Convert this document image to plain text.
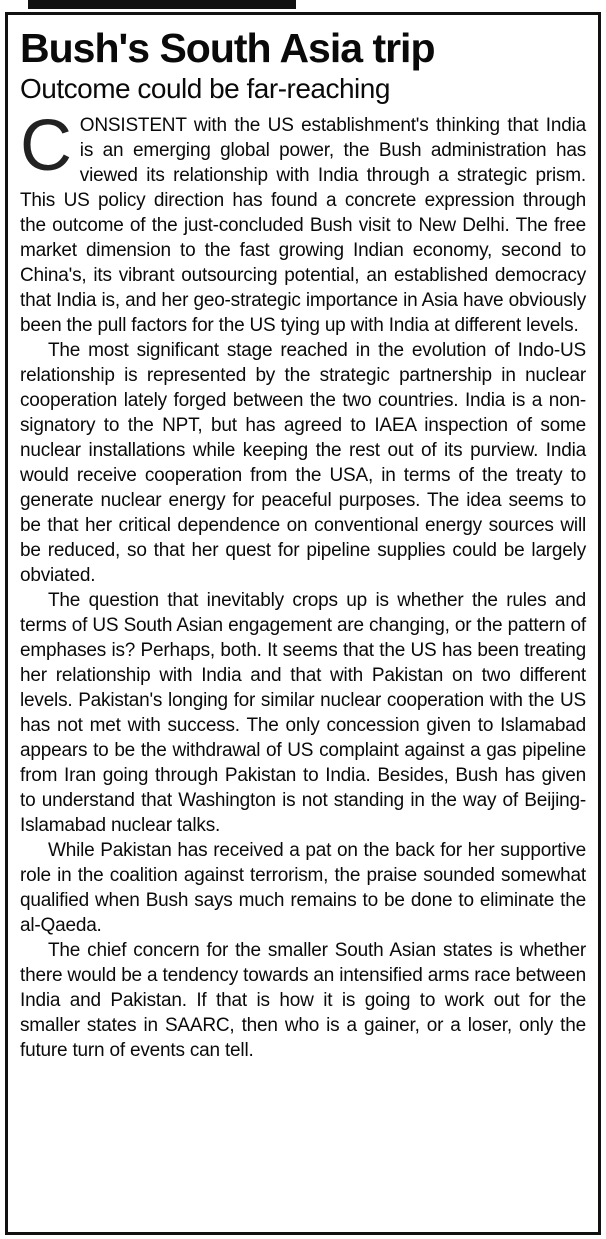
Bush's South Asia trip
Outcome could be far-reaching

CONSISTENT with the US establishment's thinking that India is an emerging global power, the Bush administration has viewed its relationship with India through a strategic prism. This US policy direction has found a concrete expression through the outcome of the just-concluded Bush visit to New Delhi. The free market dimension to the fast growing Indian economy, second to China's, its vibrant outsourcing potential, an established democracy that India is, and her geo-strategic importance in Asia have obviously been the pull factors for the US tying up with India at different levels.

The most significant stage reached in the evolution of Indo-US relationship is represented by the strategic partnership in nuclear cooperation lately forged between the two countries. India is a non-signatory to the NPT, but has agreed to IAEA inspection of some nuclear installations while keeping the rest out of its purview. India would receive cooperation from the USA, in terms of the treaty to generate nuclear energy for peaceful purposes. The idea seems to be that her critical dependence on conventional energy sources will be reduced, so that her quest for pipeline supplies could be largely obviated.

The question that inevitably crops up is whether the rules and terms of US South Asian engagement are changing, or the pattern of emphases is? Perhaps, both. It seems that the US has been treating her relationship with India and that with Pakistan on two different levels. Pakistan's longing for similar nuclear cooperation with the US has not met with success. The only concession given to Islamabad appears to be the withdrawal of US complaint against a gas pipeline from Iran going through Pakistan to India. Besides, Bush has given to understand that Washington is not standing in the way of Beijing-Islamabad nuclear talks.

While Pakistan has received a pat on the back for her supportive role in the coalition against terrorism, the praise sounded somewhat qualified when Bush says much remains to be done to eliminate the al-Qaeda.

The chief concern for the smaller South Asian states is whether there would be a tendency towards an intensified arms race between India and Pakistan. If that is how it is going to work out for the smaller states in SAARC, then who is a gainer, or a loser, only the future turn of events can tell.
